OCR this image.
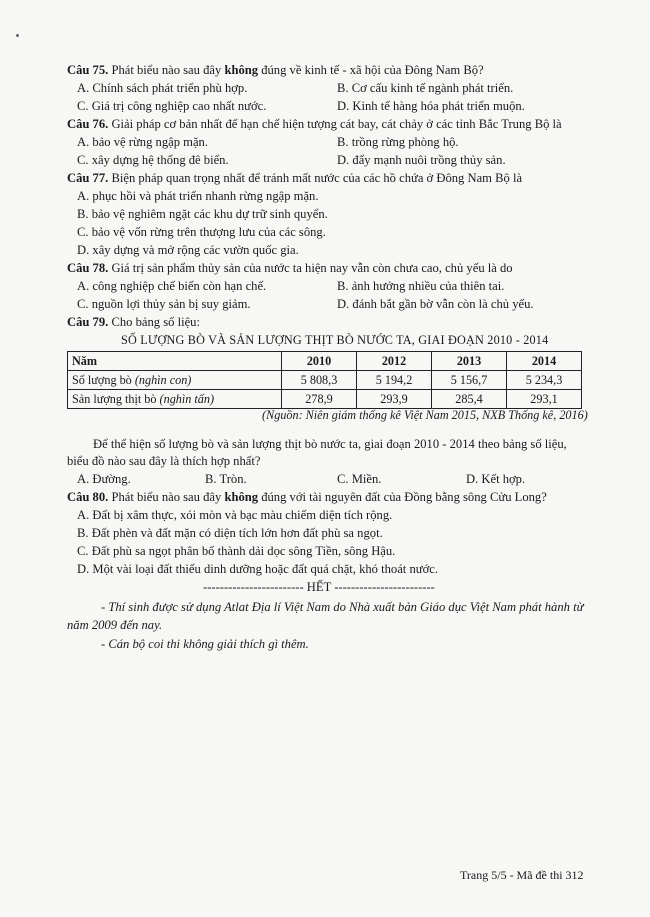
Câu 75. Phát biểu nào sau đây không đúng về kinh tế - xã hội của Đông Nam Bộ?
A. Chính sách phát triển phù hợp.	B. Cơ cấu kinh tế ngành phát triển.
C. Giá trị công nghiệp cao nhất nước.	D. Kinh tế hàng hóa phát triển muộn.
Câu 76. Giải pháp cơ bản nhất để hạn chế hiện tượng cát bay, cát chảy ở các tỉnh Bắc Trung Bộ là
A. bảo vệ rừng ngập mặn.	B. trồng rừng phòng hộ.
C. xây dựng hệ thống đê biển.	D. đẩy mạnh nuôi trồng thủy sản.
Câu 77. Biện pháp quan trọng nhất để tránh mất nước của các hồ chứa ở Đông Nam Bộ là
A. phục hồi và phát triển nhanh rừng ngập mặn.
B. bảo vệ nghiêm ngặt các khu dự trữ sinh quyển.
C. bảo vệ vốn rừng trên thượng lưu của các sông.
D. xây dựng và mở rộng các vườn quốc gia.
Câu 78. Giá trị sản phẩm thủy sản của nước ta hiện nay vẫn còn chưa cao, chủ yếu là do
A. công nghiệp chế biến còn hạn chế.	B. ảnh hưởng nhiều của thiên tai.
C. nguồn lợi thủy sản bị suy giảm.	D. đánh bắt gần bờ vẫn còn là chủ yếu.
Câu 79. Cho bảng số liệu:
SỐ LƯỢNG BÒ VÀ SẢN LƯỢNG THỊT BÒ NƯỚC TA, GIAI ĐOẠN 2010 - 2014
Năm	2010	2012	2013	2014
Số lượng bò (nghìn con)	5 808,3	5 194,2	5 156,7	5 234,3
Sản lượng thịt bò (nghìn tấn)	278,9	293,9	285,4	293,1
(Nguồn: Niên giám thống kê Việt Nam 2015, NXB Thống kê, 2016)
Để thể hiện số lượng bò và sản lượng thịt bò nước ta, giai đoạn 2010 - 2014 theo bảng số liệu,
biểu đồ nào sau đây là thích hợp nhất?
A. Đường.	B. Tròn.	C. Miền.	D. Kết hợp.
Câu 80. Phát biểu nào sau đây không đúng với tài nguyên đất của Đồng bằng sông Cửu Long?
A. Đất bị xâm thực, xói mòn và bạc màu chiếm diện tích rộng.
B. Đất phèn và đất mặn có diện tích lớn hơn đất phù sa ngọt.
C. Đất phù sa ngọt phân bố thành dải dọc sông Tiền, sông Hậu.
D. Một vài loại đất thiếu dinh dưỡng hoặc đất quá chặt, khó thoát nước.
------------------------ HẾT ------------------------
- Thí sinh được sử dụng Atlat Địa lí Việt Nam do Nhà xuất bản Giáo dục Việt Nam phát hành từ
năm 2009 đến nay.
- Cán bộ coi thi không giải thích gì thêm.
Trang 5/5 - Mã đề thi 312
